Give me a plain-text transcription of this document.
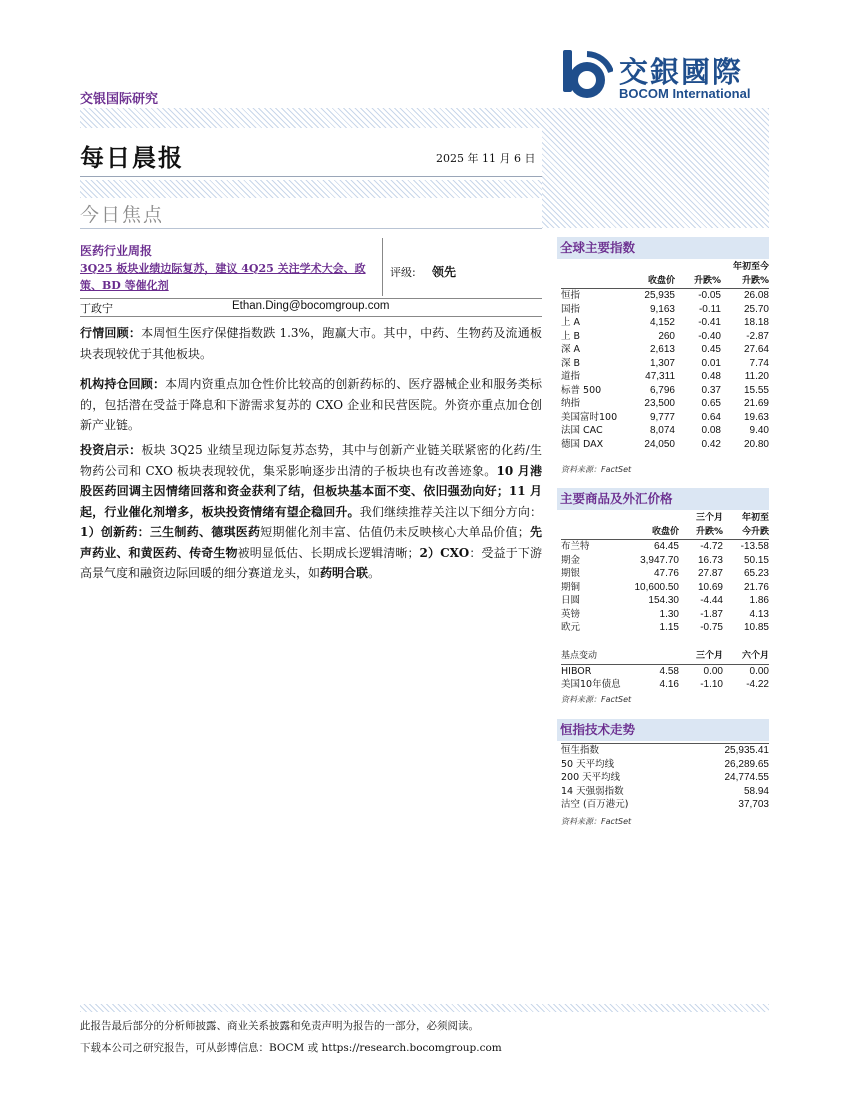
交銀國際
BOCOM International
交银国际研究
每日晨报	2025 年 11 月 6 日
今日焦点
医药行业周报
3Q25 板块业绩边际复苏，建议 4Q25 关注学术大会、政策、BD 等催化剂
评级: 领先
丁政宁	Ethan.Ding@bocomgroup.com
行情回顾：本周恒生医疗保健指数跌 1.3%，跑赢大市。其中，中药、生物药及流通板块表现较优于其他板块。
机构持仓回顾：本周内资重点加仓性价比较高的创新药标的、医疗器械企业和服务类标的，包括潜在受益于降息和下游需求复苏的 CXO 企业和民营医院。外资亦重点加仓创新产业链。
投资启示：板块 3Q25 业绩呈现边际复苏态势，其中与创新产业链关联紧密的化药/生物药公司和 CXO 板块表现较优，集采影响逐步出清的子板块也有改善迹象。10 月港股医药回调主因情绪回落和资金获利了结，但板块基本面不变、依旧强劲向好；11 月起，行业催化剂增多，板块投资情绪有望企稳回升。我们继续推荐关注以下细分方向：1）创新药：三生制药、德琪医药短期催化剂丰富、估值仍未反映核心大单品价值；先声药业、和黄医药、传奇生物被明显低估、长期成长逻辑清晰；2）CXO：受益于下游高景气度和融资边际回暖的细分赛道龙头，如药明合联。
全球主要指数
			年初至今
	收盘价	升跌%	升跌%
恒指	25,935	-0.05	26.08
国指	9,163	-0.11	25.70
上 A	4,152	-0.41	18.18
上 B	260	-0.40	-2.87
深 A	2,613	0.45	27.64
深 B	1,307	0.01	7.74
道指	47,311	0.48	11.20
标普 500	6,796	0.37	15.55
纳指	23,500	0.65	21.69
美国富时100	9,777	0.64	19.63
法国 CAC	8,074	0.08	9.40
德国 DAX	24,050	0.42	20.80
资料来源：FactSet
主要商品及外汇价格
		三个月	年初至
	收盘价	升跌%	今升跌
布兰特	64.45	-4.72	-13.58
期金	3,947.70	16.73	50.15
期银	47.76	27.87	65.23
期铜	10,600.50	10.69	21.76
日圆	154.30	-4.44	1.86
英镑	1.30	-1.87	4.13
欧元	1.15	-0.75	10.85
基点变动		三个月	六个月
HIBOR	4.58	0.00	0.00
美国10年债息	4.16	-1.10	-4.22
资料来源：FactSet
恒指技术走势
恒生指数	25,935.41
50 天平均线	26,289.65
200 天平均线	24,774.55
14 天强弱指数	58.94
沽空 (百万港元)	37,703
资料来源：FactSet
此报告最后部分的分析师披露、商业关系披露和免责声明为报告的一部分，必须阅读。
下载本公司之研究报告，可从彭博信息：BOCM 或 https://research.bocomgroup.com
